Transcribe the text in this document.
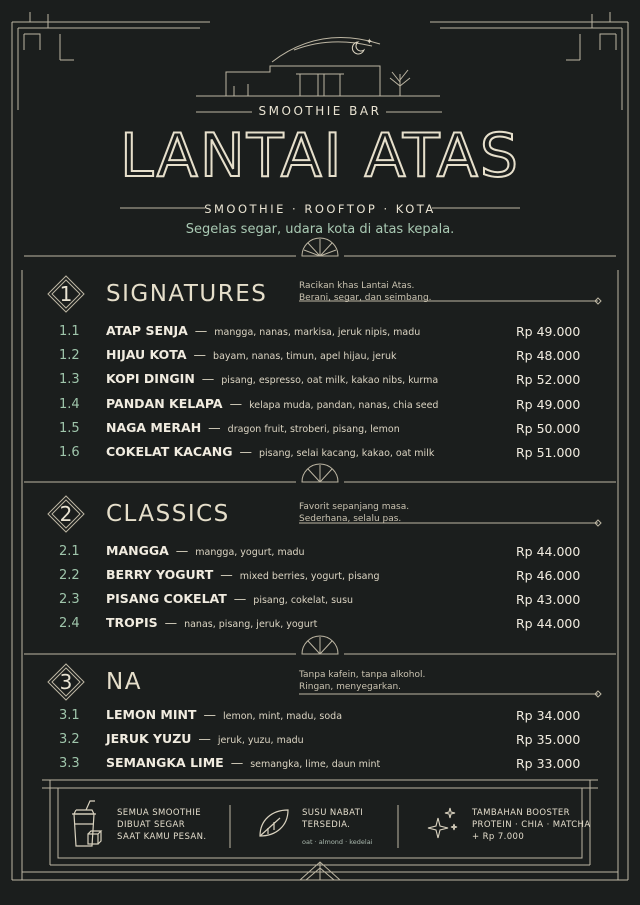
✦
SMOOTHIE BAR
LANTAI ATAS
SMOOTHIE · ROOFTOP · KOTA
Segelas segar, udara kota di atas kepala.
1 SIGNATURES	Racikan khas Lantai Atas.
Berani, segar, dan seimbang.
1.1 ATAP SENJA — mangga, nanas, markisa, jeruk nipis, madu	Rp 49.000
1.2 HIJAU KOTA — bayam, nanas, timun, apel hijau, jeruk	Rp 48.000
1.3 KOPI DINGIN — pisang, espresso, oat milk, kakao nibs, kurma	Rp 52.000
1.4 PANDAN KELAPA — kelapa muda, pandan, nanas, chia seed	Rp 49.000
1.5 NAGA MERAH — dragon fruit, stroberi, pisang, lemon	Rp 50.000
1.6 COKELAT KACANG — pisang, selai kacang, kakao, oat milk	Rp 51.000
2 CLASSICS	Favorit sepanjang masa.
Sederhana, selalu pas.
2.1 MANGGA — mangga, yogurt, madu	Rp 44.000
2.2 BERRY YOGURT — mixed berries, yogurt, pisang	Rp 46.000
2.3 PISANG COKELAT — pisang, cokelat, susu	Rp 43.000
2.4 TROPIS — nanas, pisang, jeruk, yogurt	Rp 44.000
3 NA	Tanpa kafein, tanpa alkohol.
Ringan, menyegarkan.
3.1 LEMON MINT — lemon, mint, madu, soda	Rp 34.000
3.2 JERUK YUZU — jeruk, yuzu, madu	Rp 35.000
3.3 SEMANGKA LIME — semangka, lime, daun mint	Rp 33.000
SEMUA SMOOTHIE
DIBUAT SEGAR
SAAT KAMU PESAN.
SUSU NABATI
TERSEDIA.
oat · almond · kedelai
TAMBAHAN BOOSTER
PROTEIN · CHIA · MATCHA
+ Rp 7.000
